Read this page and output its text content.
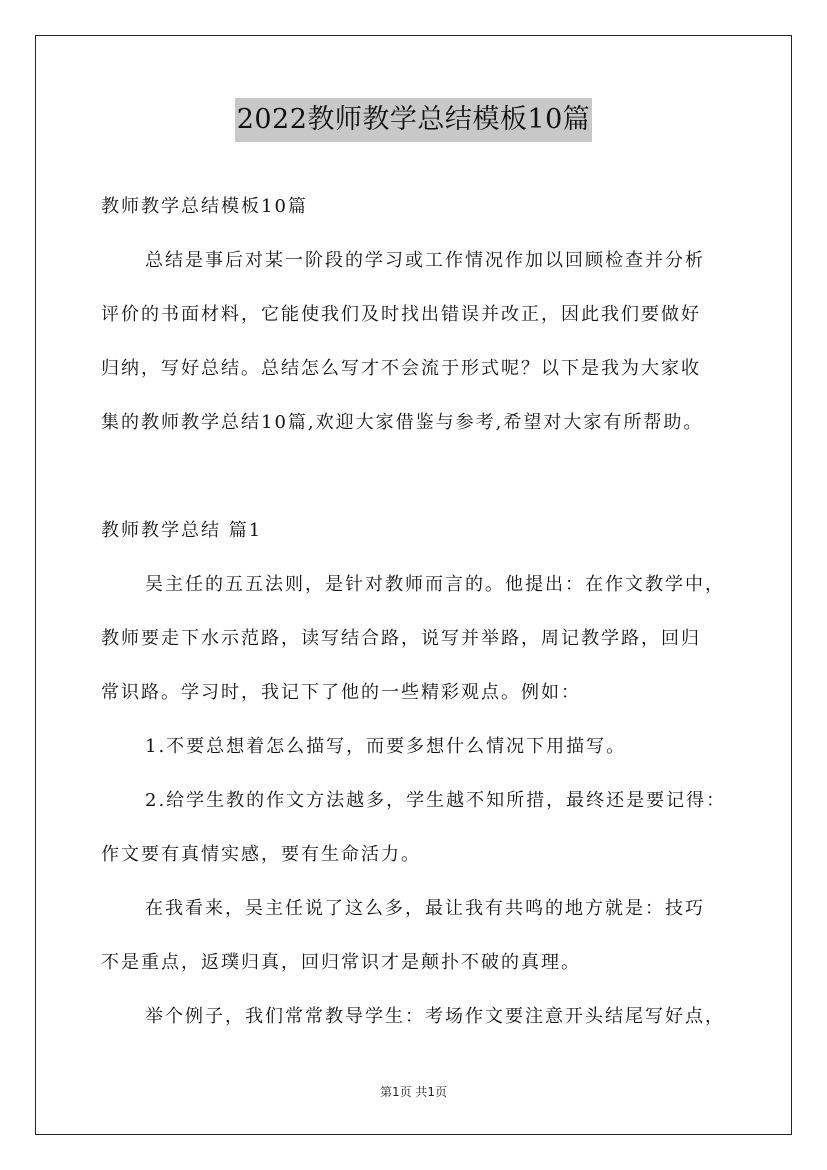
2022教师教学总结模板10篇
教师教学总结模板10篇
总结是事后对某一阶段的学习或工作情况作加以回顾检查并分析
评价的书面材料，它能使我们及时找出错误并改正，因此我们要做好
归纳，写好总结。总结怎么写才不会流于形式呢？以下是我为大家收
集的教师教学总结10篇,欢迎大家借鉴与参考,希望对大家有所帮助。
教师教学总结 篇1
吴主任的五五法则，是针对教师而言的。他提出：在作文教学中，
教师要走下水示范路，读写结合路，说写并举路，周记教学路，回归
常识路。学习时，我记下了他的一些精彩观点。例如：
1.不要总想着怎么描写，而要多想什么情况下用描写。
2.给学生教的作文方法越多，学生越不知所措，最终还是要记得：
作文要有真情实感，要有生命活力。
在我看来，吴主任说了这么多，最让我有共鸣的地方就是：技巧
不是重点，返璞归真，回归常识才是颠扑不破的真理。
举个例子，我们常常教导学生：考场作文要注意开头结尾写好点，
第1页 共1页
